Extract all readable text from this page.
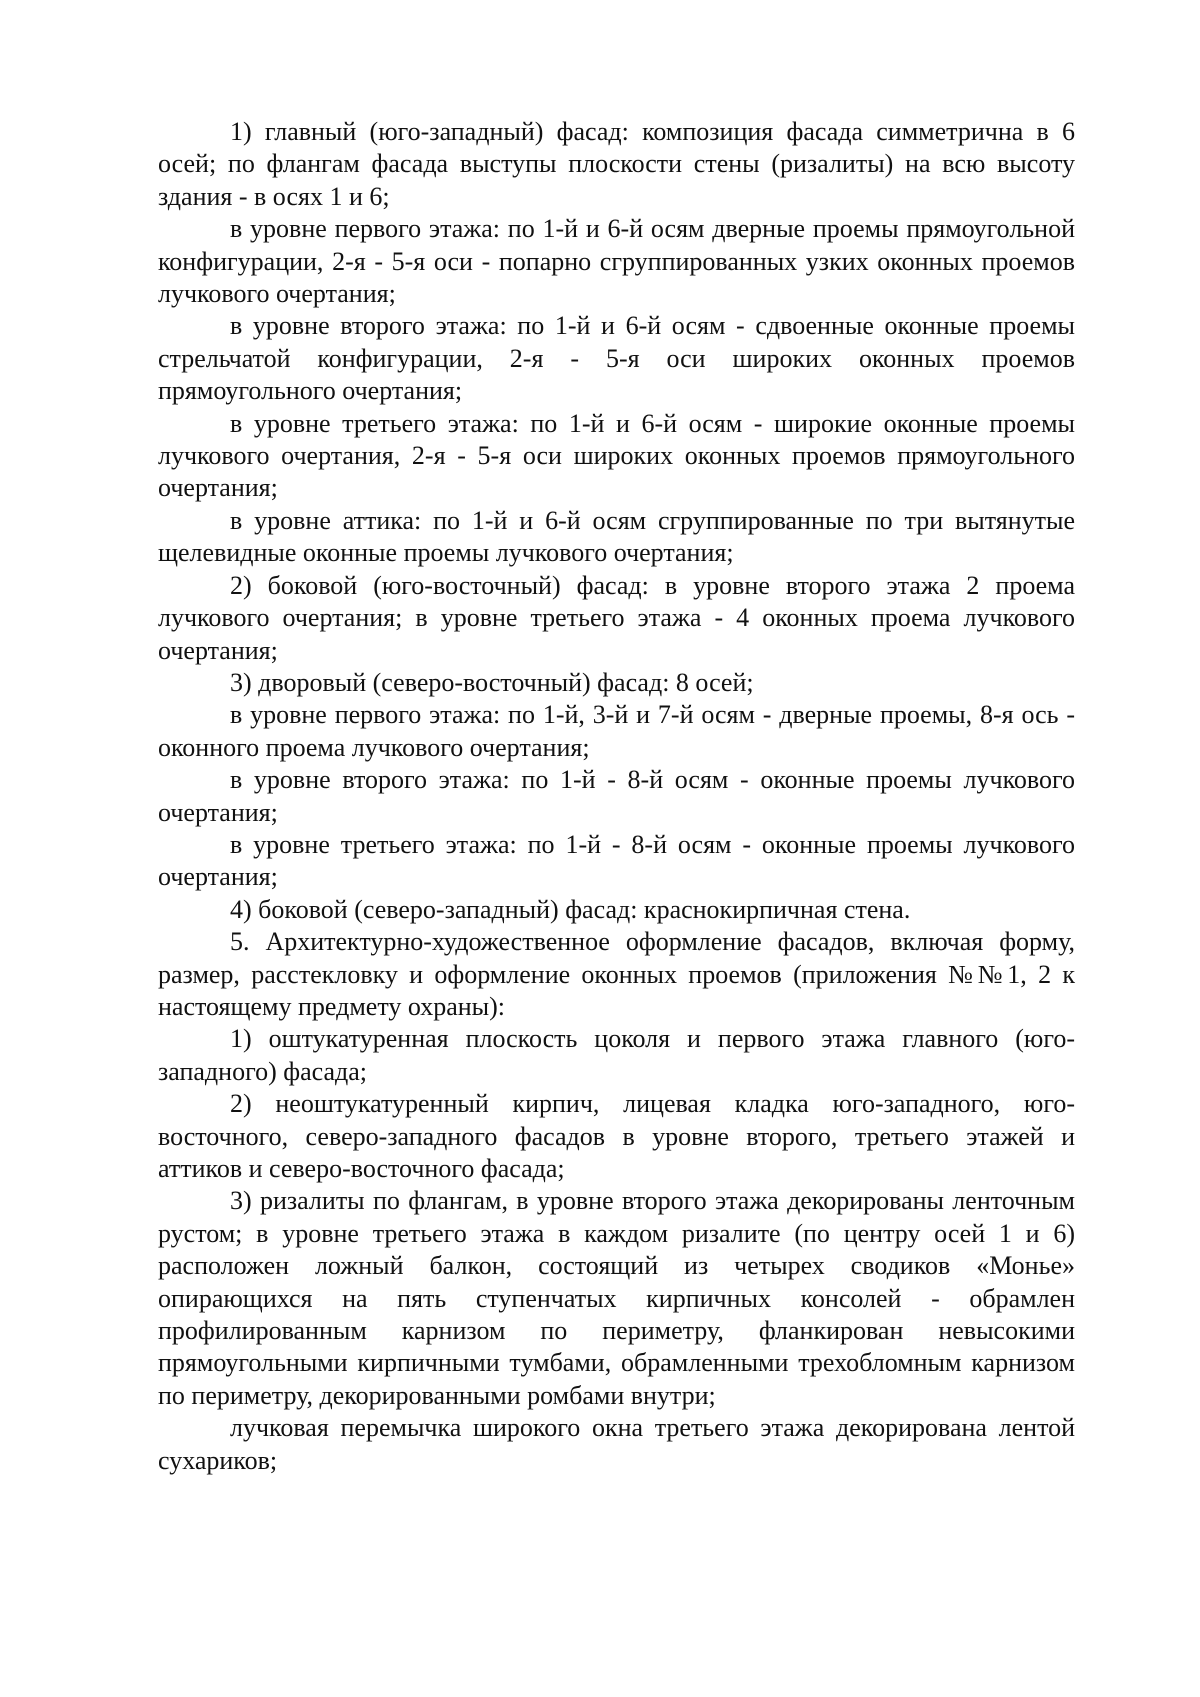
1) главный (юго-западный) фасад: композиция фасада симметрична в 6 осей; по флангам фасада выступы плоскости стены (ризалиты) на всю высоту здания - в осях 1 и 6;

в уровне первого этажа: по 1-й и 6-й осям дверные проемы прямоугольной конфигурации, 2-я - 5-я оси - попарно сгруппированных узких оконных проемов лучкового очертания;

в уровне второго этажа: по 1-й и 6-й осям - сдвоенные оконные проемы стрельчатой конфигурации, 2-я - 5-я оси широких оконных проемов прямоугольного очертания;

в уровне третьего этажа: по 1-й и 6-й осям - широкие оконные проемы лучкового очертания, 2-я - 5-я оси широких оконных проемов прямоугольного очертания;

в уровне аттика: по 1-й и 6-й осям сгруппированные по три вытянутые щелевидные оконные проемы лучкового очертания;

2) боковой (юго-восточный) фасад: в уровне второго этажа 2 проема лучкового очертания; в уровне третьего этажа - 4 оконных проема лучкового очертания;

3) дворовый (северо-восточный) фасад: 8 осей;

в уровне первого этажа: по 1-й, 3-й и 7-й осям - дверные проемы, 8-я ось - оконного проема лучкового очертания;

в уровне второго этажа: по 1-й - 8-й осям - оконные проемы лучкового очертания;

в уровне третьего этажа: по 1-й - 8-й осям - оконные проемы лучкового очертания;

4) боковой (северо-западный) фасад: краснокирпичная стена.

5. Архитектурно-художественное оформление фасадов, включая форму, размер, расстекловку и оформление оконных проемов (приложения №№1, 2 к настоящему предмету охраны):

1) оштукатуренная плоскость цоколя и первого этажа главного (юго-западного) фасада;

2) неоштукатуренный кирпич, лицевая кладка юго-западного, юго-восточного, северо-западного фасадов в уровне второго, третьего этажей и аттиков и северо-восточного фасада;

3) ризалиты по флангам, в уровне второго этажа декорированы ленточным рустом; в уровне третьего этажа в каждом ризалите (по центру осей 1 и 6) расположен ложный балкон, состоящий из четырех сводиков «Монье» опирающихся на пять ступенчатых кирпичных консолей - обрамлен профилированным карнизом по периметру, фланкирован невысокими прямоугольными кирпичными тумбами, обрамленными трехобломным карнизом по периметру, декорированными ромбами внутри;

лучковая перемычка широкого окна третьего этажа декорирована лентой сухариков;
